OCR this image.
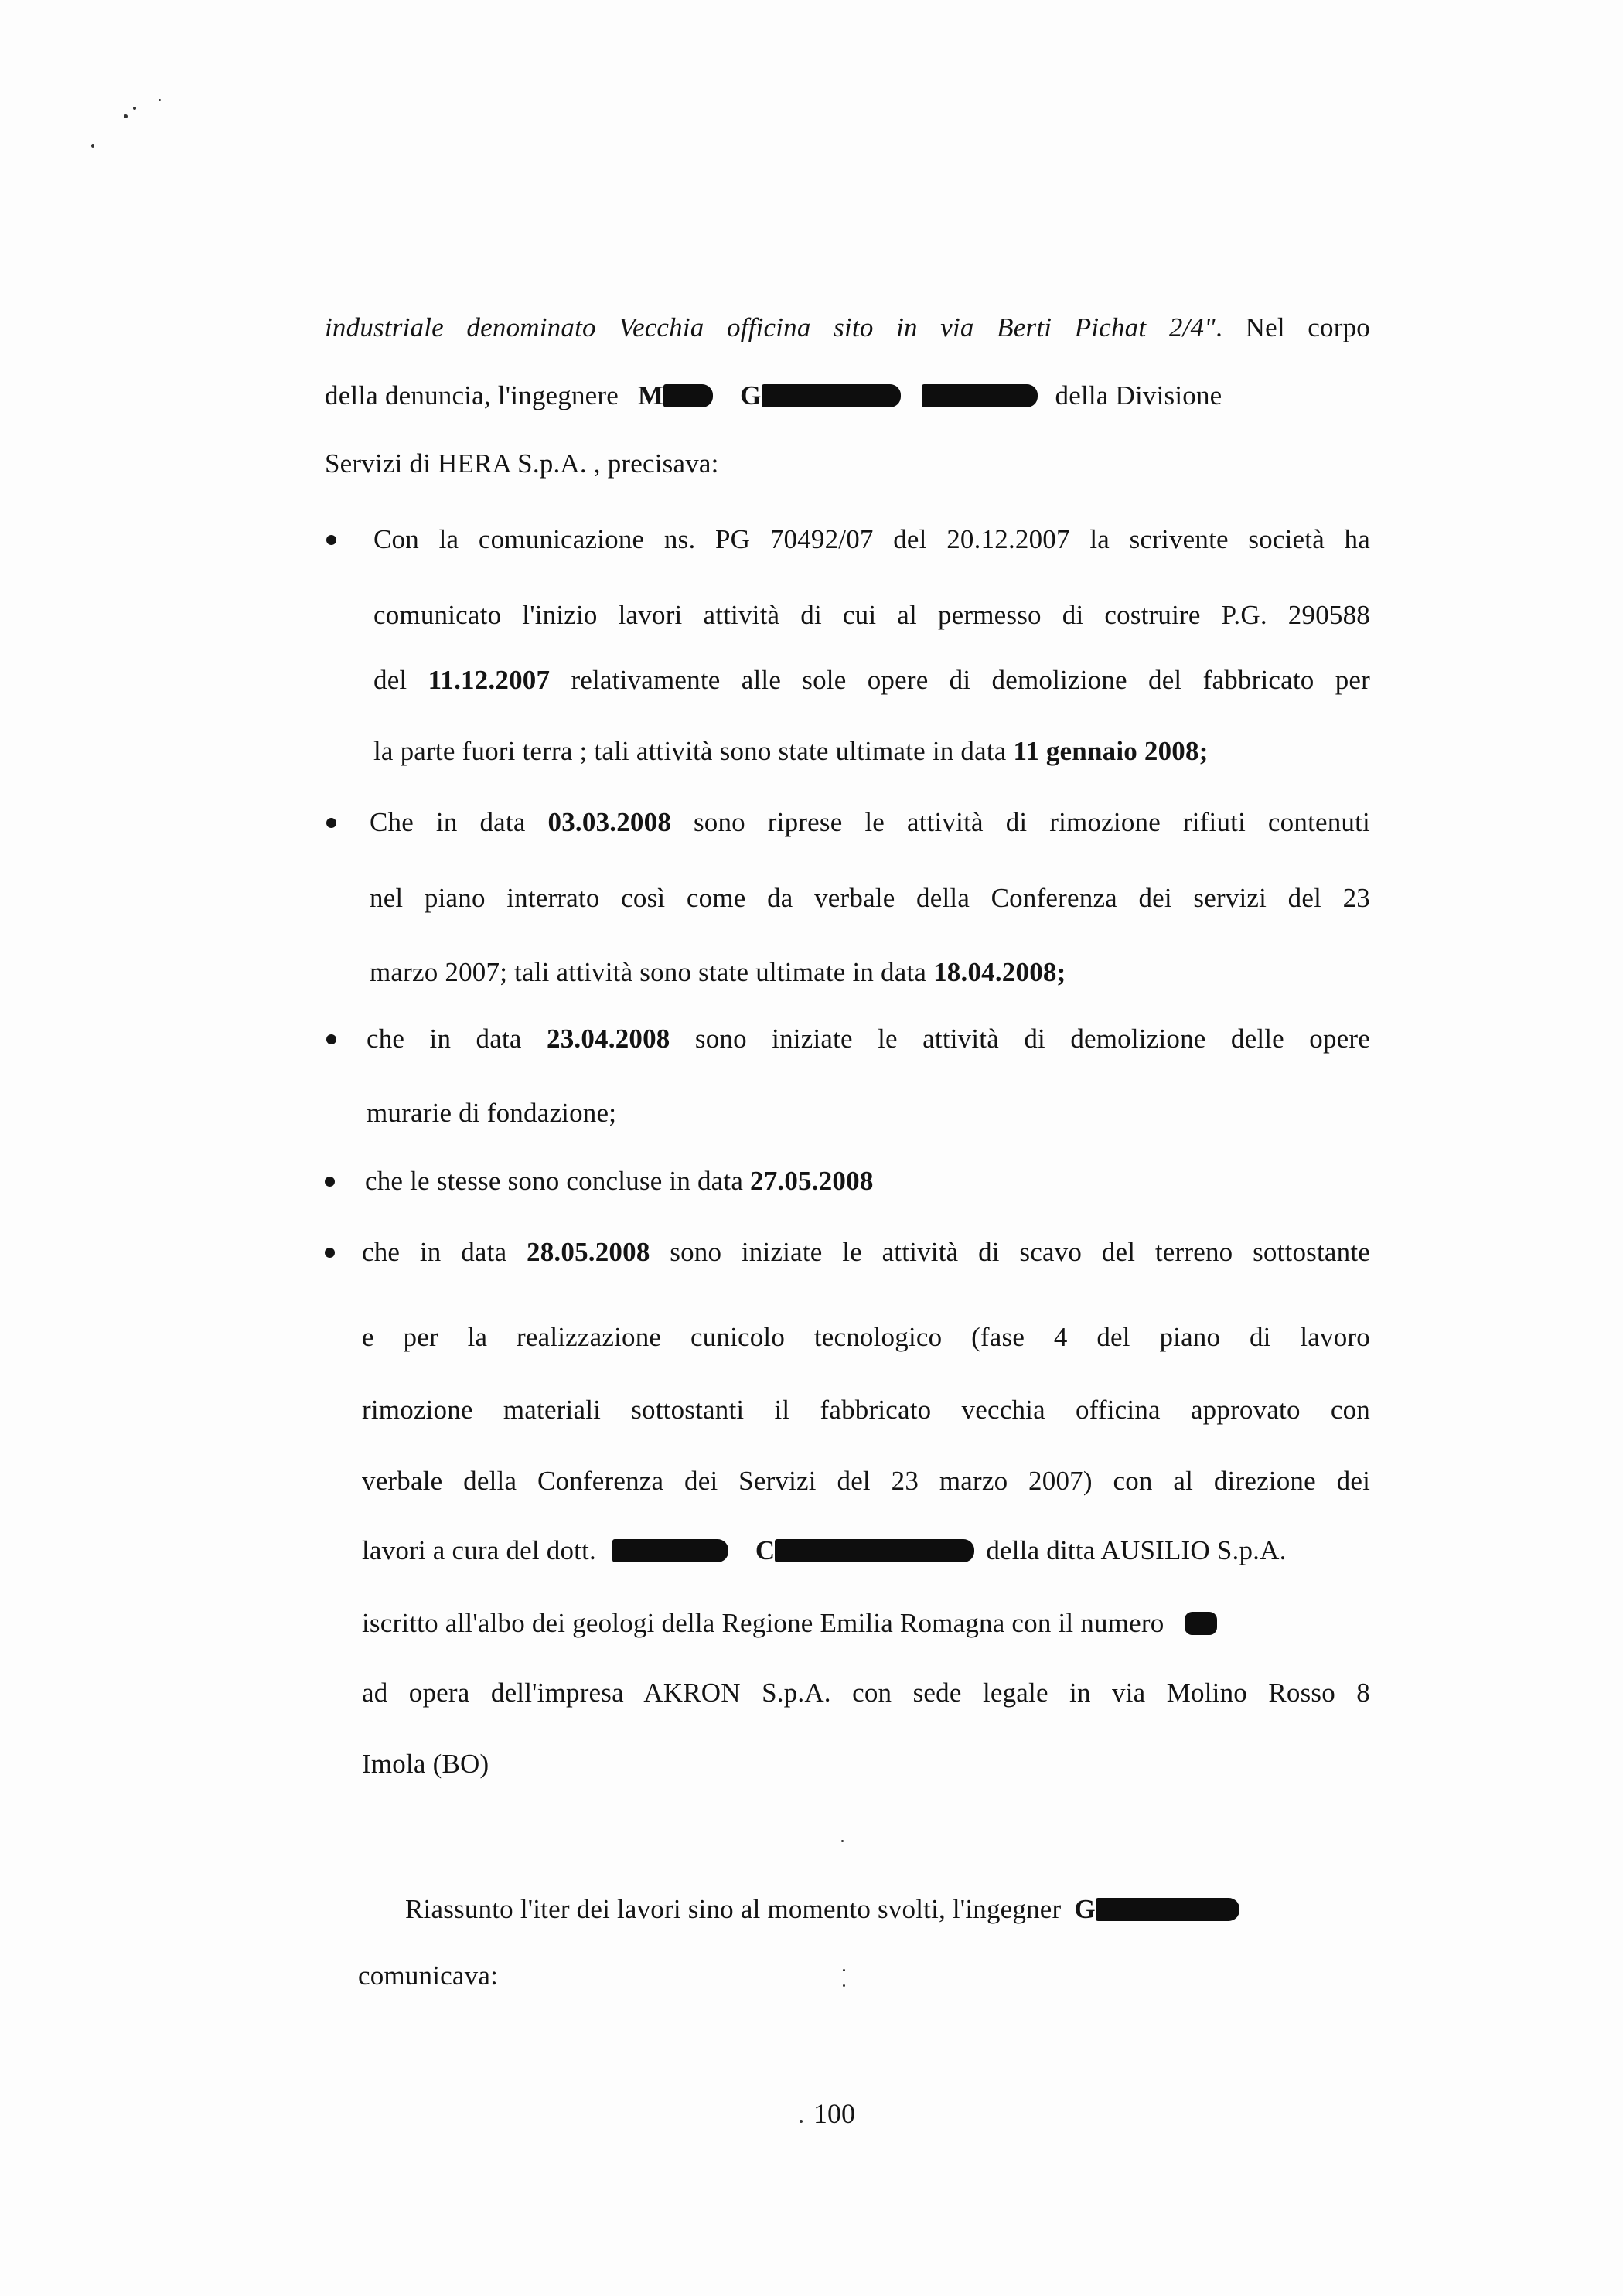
industriale denominato Vecchia officina sito in via Berti Pichat 2/4". Nel corpo
della denuncia, l'ingegnere M	G	della Divisione
Servizi di HERA S.p.A. , precisava:
Con la comunicazione ns. PG 70492/07 del 20.12.2007 la scrivente società ha
comunicato l'inizio lavori attività di cui al permesso di costruire P.G. 290588
del 11.12.2007 relativamente alle sole opere di demolizione del fabbricato per
la parte fuori terra ; tali attività sono state ultimate in data 11 gennaio 2008;
Che in data 03.03.2008 sono riprese le attività di rimozione rifiuti contenuti
nel piano interrato così come da verbale della Conferenza dei servizi del 23
marzo 2007; tali attività sono state ultimate in data 18.04.2008;
che in data 23.04.2008 sono iniziate le attività di demolizione delle opere
murarie di fondazione;
che le stesse sono concluse in data 27.05.2008
che in data 28.05.2008 sono iniziate le attività di scavo del terreno sottostante
e per la realizzazione cunicolo tecnologico (fase 4 del piano di lavoro
rimozione materiali sottostanti il fabbricato vecchia officina approvato con
verbale della Conferenza dei Servizi del 23 marzo 2007) con al direzione dei
lavori a cura del dott.	C	della ditta AUSILIO S.p.A.
iscritto all'albo dei geologi della Regione Emilia Romagna con il numero
ad opera dell'impresa AKRON S.p.A. con sede legale in via Molino Rosso 8
Imola (BO)
Riassunto l'iter dei lavori sino al momento svolti, l'ingegner G
comunicava:
100
